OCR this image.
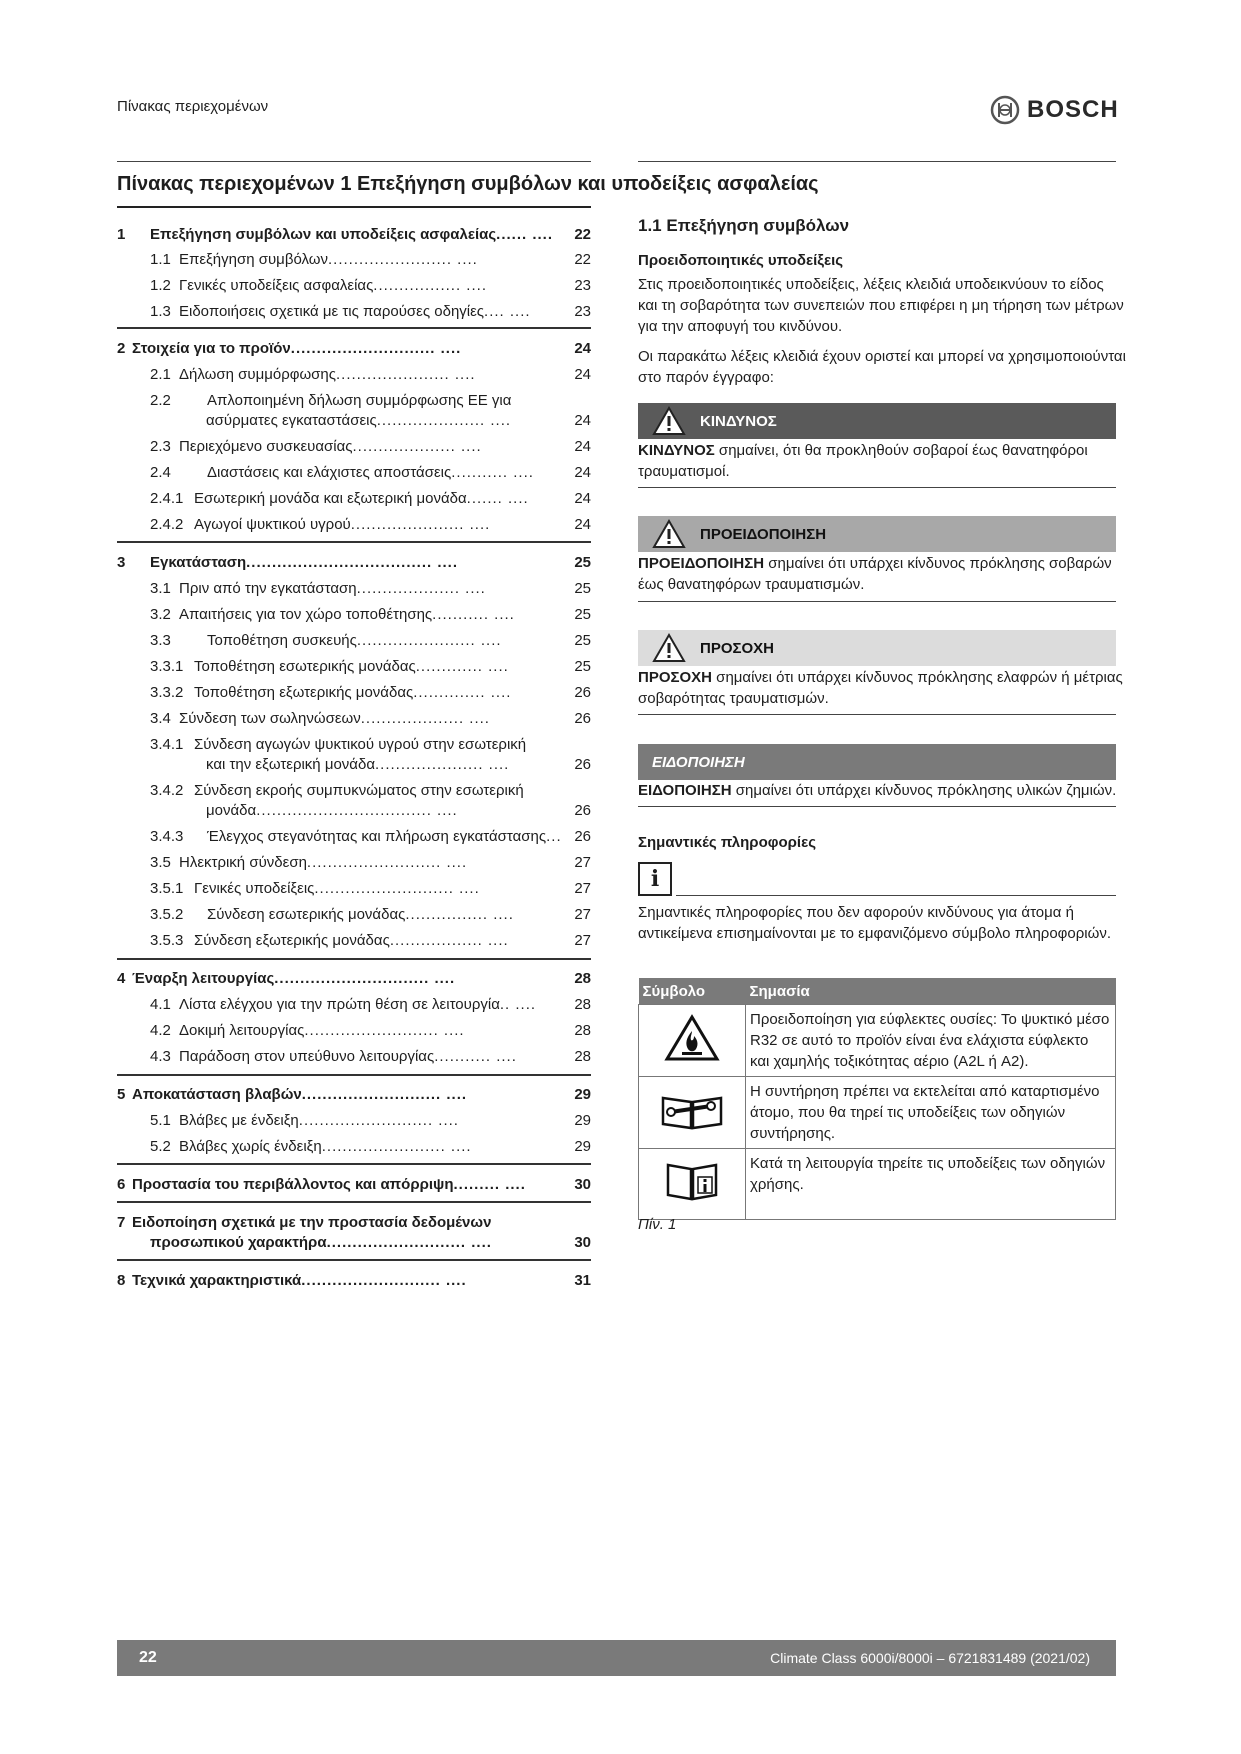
Πίνακας περιεχομένων	BOSCH
Πίνακας περιεχομένων 1 Επεξήγηση συμβόλων και υποδείξεις ασφαλείας
1 Επεξήγηση συμβόλων και υποδείξεις ασφαλείας...... .... 22
1.1 Επεξήγηση συμβόλων........................ ....	22
1.2 Γενικές υποδείξεις ασφαλείας................. ....	23
1.3 Ειδοποιήσεις σχετικά με τις παρούσες οδηγίες.... ....	23
2 Στοιχεία για το προϊόν............................ ....	24
2.1 Δήλωση συμμόρφωσης...................... ....	24
2.2 Απλοποιημένη δήλωση συμμόρφωσης ΕΕ για
ασύρματες εγκαταστάσεις..................... ....	24
2.3 Περιεχόμενο συσκευασίας.................... ....	24
2.4 Διαστάσεις και ελάχιστες αποστάσεις........... ....	24
2.4.1 Εσωτερική μονάδα και εξωτερική μονάδα....... ....	24
2.4.2 Αγωγοί ψυκτικού υγρού...................... ....	24
3 Εγκατάσταση.................................... ....	25
3.1 Πριν από την εγκατάσταση.................... ....	25
3.2 Απαιτήσεις για τον χώρο τοποθέτησης........... ....	25
3.3 Τοποθέτηση συσκευής....................... ....	25
3.3.1 Τοποθέτηση εσωτερικής μονάδας............. ....	25
3.3.2 Τοποθέτηση εξωτερικής μονάδας.............. ....	26
3.4 Σύνδεση των σωληνώσεων.................... ....	26
3.4.1 Σύνδεση αγωγών ψυκτικού υγρού στην εσωτερική
και την εξωτερική μονάδα..................... ....	26
3.4.2 Σύνδεση εκροής συμπυκνώματος στην εσωτερική
μονάδα.................................. ....	26
3.4.3 Έλεγχος στεγανότητας και πλήρωση εγκατάστασης... 26
3.5 Ηλεκτρική σύνδεση.......................... ....	27
3.5.1 Γενικές υποδείξεις........................... ....	27
3.5.2 Σύνδεση εσωτερικής μονάδας................ ....	27
3.5.3 Σύνδεση εξωτερικής μονάδας.................. ....	27
4 Έναρξη λειτουργίας.............................. ....	28
4.1 Λίστα ελέγχου για την πρώτη θέση σε λειτουργία.. ....	28
4.2 Δοκιμή λειτουργίας.......................... ....	28
4.3 Παράδοση στον υπεύθυνο λειτουργίας........... ....	28
5 Αποκατάσταση βλαβών........................... ....	29
5.1 Βλάβες με ένδειξη.......................... ....	29
5.2 Βλάβες χωρίς ένδειξη........................ ....	29
6 Προστασία του περιβάλλοντος και απόρριψη......... ....	30
7 Ειδοποίηση σχετικά με την προστασία δεδομένων
προσωπικού χαρακτήρα........................... ....	30
8 Τεχνικά χαρακτηριστικά........................... ....	31
1.1 Επεξήγηση συμβόλων
Προειδοποιητικές υποδείξεις
Στις προειδοποιητικές υποδείξεις, λέξεις κλειδιά υποδεικνύουν το είδος
και τη σοβαρότητα των συνεπειών που επιφέρει η μη τήρηση των μέτρων
για την αποφυγή του κινδύνου.
Οι παρακάτω λέξεις κλειδιά έχουν οριστεί και μπορεί να χρησιμοποιούνται
στο παρόν έγγραφο:
ΚΙΝΔΥΝΟΣ
ΚΙΝΔΥΝΟΣ σημαίνει, ότι θα προκληθούν σοβαροί έως θανατηφόροι
τραυματισμοί.
ΠΡΟΕΙΔΟΠΟΙΗΣΗ
ΠΡΟΕΙΔΟΠΟΙΗΣΗ σημαίνει ότι υπάρχει κίνδυνος πρόκλησης σοβαρών
έως θανατηφόρων τραυματισμών.
ΠΡΟΣΟΧΗ
ΠΡΟΣΟΧΗ σημαίνει ότι υπάρχει κίνδυνος πρόκλησης ελαφρών ή μέτριας
σοβαρότητας τραυματισμών.
ΕΙΔΟΠΟΙΗΣΗ
ΕΙΔΟΠΟΙΗΣΗ σημαίνει ότι υπάρχει κίνδυνος πρόκλησης υλικών ζημιών.
Σημαντικές πληροφορίες
i
Σημαντικές πληροφορίες που δεν αφορούν κινδύνους για άτομα ή
αντικείμενα επισημαίνονται με το εμφανιζόμενο σύμβολο πληροφοριών.
Σύμβολο	Σημασία
	Προειδοποίηση για εύφλεκτες ουσίες: Το ψυκτικό μέσο R32 σε αυτό το προϊόν είναι ένα ελάχιστα εύφλεκτο και χαμηλής τοξικότητας αέριο (A2L ή A2).
	Η συντήρηση πρέπει να εκτελείται από καταρτισμένο άτομο, που θα τηρεί τις υποδείξεις των οδηγιών συντήρησης.
	Κατά τη λειτουργία τηρείτε τις υποδείξεις των οδηγιών χρήσης.
Πίν. 1
22	Climate Class 6000i/8000i – 6721831489 (2021/02)
